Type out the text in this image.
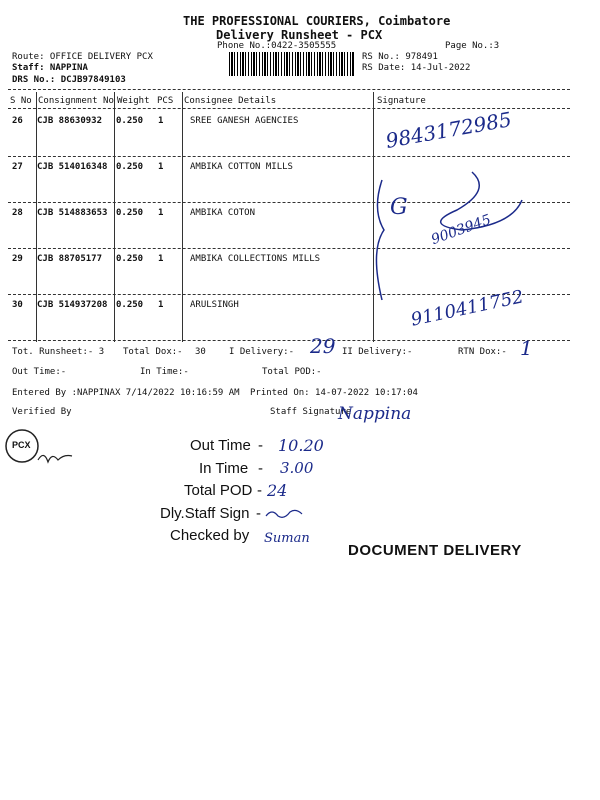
THE PROFESSIONAL COURIERS, Coimbatore
Delivery Runsheet - PCX
Phone No.:0422-3505555	Page No.:3
Route: OFFICE DELIVERY PCX
Staff: NAPPINA
DRS No.: DCJB97849103
RS No.: 978491
RS Date: 14-Jul-2022
S No Consignment No Weight PCS Consignee Details	Signature
26 CJB 88630932 0.250 1	SREE GANESH AGENCIES
27 CJB 514016348 0.250 1	AMBIKA COTTON MILLS
28 CJB 514883653 0.250 1	AMBIKA COTON
29 CJB 88705177 0.250 1	AMBIKA COLLECTIONS MILLS
30 CJB 514937208 0.250 1	ARULSINGH
9843172985
G
9003945
9110411752
Tot. Runsheet:- 3 Total Dox:- 30	I Delivery:- 29 II Delivery:-	RTN Dox:- 1
Out Time:-	In Time:-	Total POD:-
Entered By :NAPPINAX 7/14/2022 10:16:59 AM Printed On: 14-07-2022 10:17:04
Verified By	Staff Signature
Nappina
PCX	Out Time - 10.20
In Time - 3.00
Total POD - 24
Dly.Staff Sign -
Checked by Suman
DOCUMENT DELIVERY
